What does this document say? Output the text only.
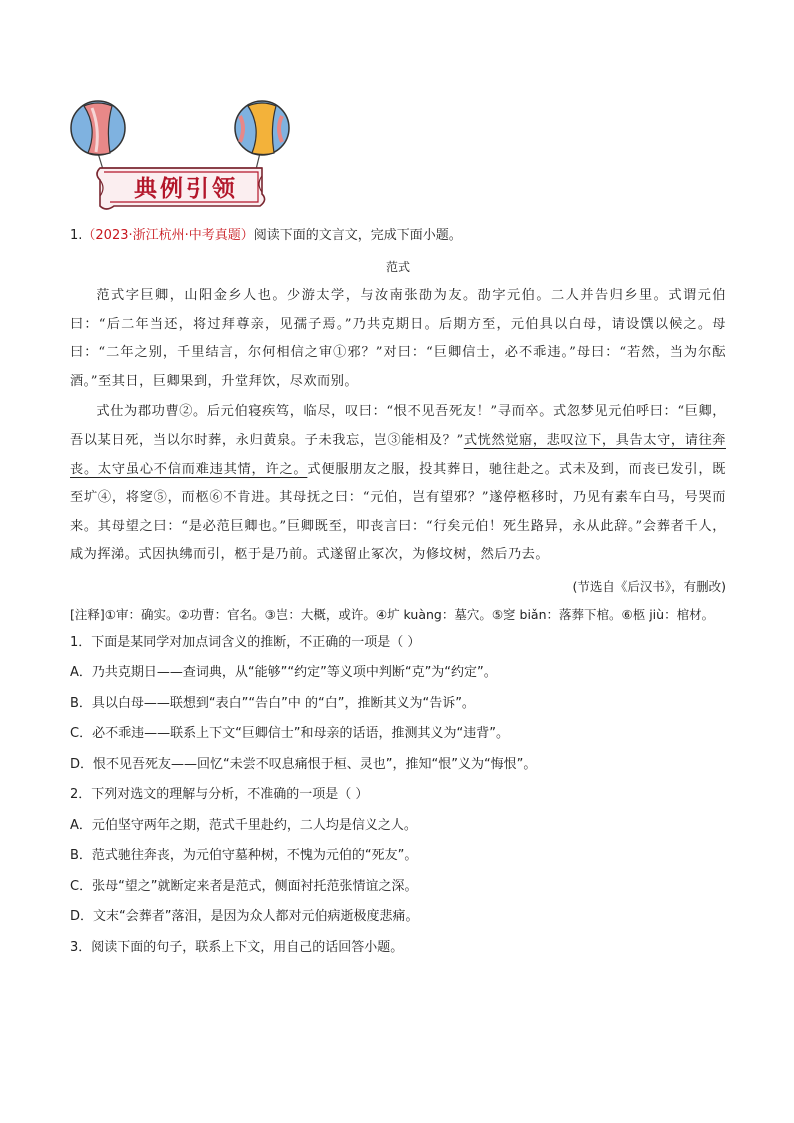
典例引领

1.（2023·浙江杭州·中考真题）阅读下面的文言文，完成下面小题。

范式

范式字巨卿，山阳金乡人也。少游太学，与汝南张劭为友。劭字元伯。二人并告归乡里。式谓元伯曰：“后二年当还，将过拜尊亲，见孺子焉。”乃共克期日。后期方至，元伯具以白母，请设馔以候之。母曰：“二年之别，千里结言，尔何相信之审①邪？”对曰：“巨卿信士，必不乖违。”母曰：“若然，当为尔酝酒。”至其日，巨卿果到，升堂拜饮，尽欢而别。

式仕为郡功曹②。后元伯寝疾笃，临尽，叹曰：“恨不见吾死友！”寻而卒。式忽梦见元伯呼曰：“巨卿，吾以某日死，当以尔时葬，永归黄泉。子未我忘，岂③能相及？”式恍然觉寤，悲叹泣下，具告太守，请往奔丧。太守虽心不信而难违其情，许之。式便服朋友之服，投其葬日，驰往赴之。式未及到，而丧已发引，既至圹④，将窆⑤，而柩⑥不肯进。其母抚之曰：“元伯，岂有望邪？”遂停柩移时，乃见有素车白马，号哭而来。其母望之曰：“是必范巨卿也。”巨卿既至，叩丧言曰：“行矣元伯！死生路异，永从此辞。”会葬者千人，咸为挥涕。式因执绋而引，柩于是乃前。式遂留止冢次，为修坟树，然后乃去。

(节选自《后汉书》，有删改)

[注释]①审：确实。②功曹：官名。③岂：大概，或许。④圹 kuàng：墓穴。⑤窆 biǎn：落葬下棺。⑥柩 jiù：棺材。

1．下面是某同学对加点词含义的推断，不正确的一项是（ ）

A．乃共克期日——查词典，从“能够”“约定”等义项中判断“克”为“约定”。

B．具以白母——联想到“表白”“告白”中 的“白”，推断其义为“告诉”。

C．必不乖违——联系上下文“巨卿信士”和母亲的话语，推测其义为“违背”。

D．恨不见吾死友——回忆“未尝不叹息痛恨于桓、灵也”，推知“恨”义为“悔恨”。

2．下列对选文的理解与分析，不准确的一项是（ ）

A．元伯坚守两年之期，范式千里赴约，二人均是信义之人。

B．范式驰往奔丧，为元伯守墓种树，不愧为元伯的“死友”。

C．张母“望之”就断定来者是范式，侧面衬托范张情谊之深。

D．文末“会葬者”落泪，是因为众人都对元伯病逝极度悲痛。

3．阅读下面的句子，联系上下文，用自己的话回答小题。
